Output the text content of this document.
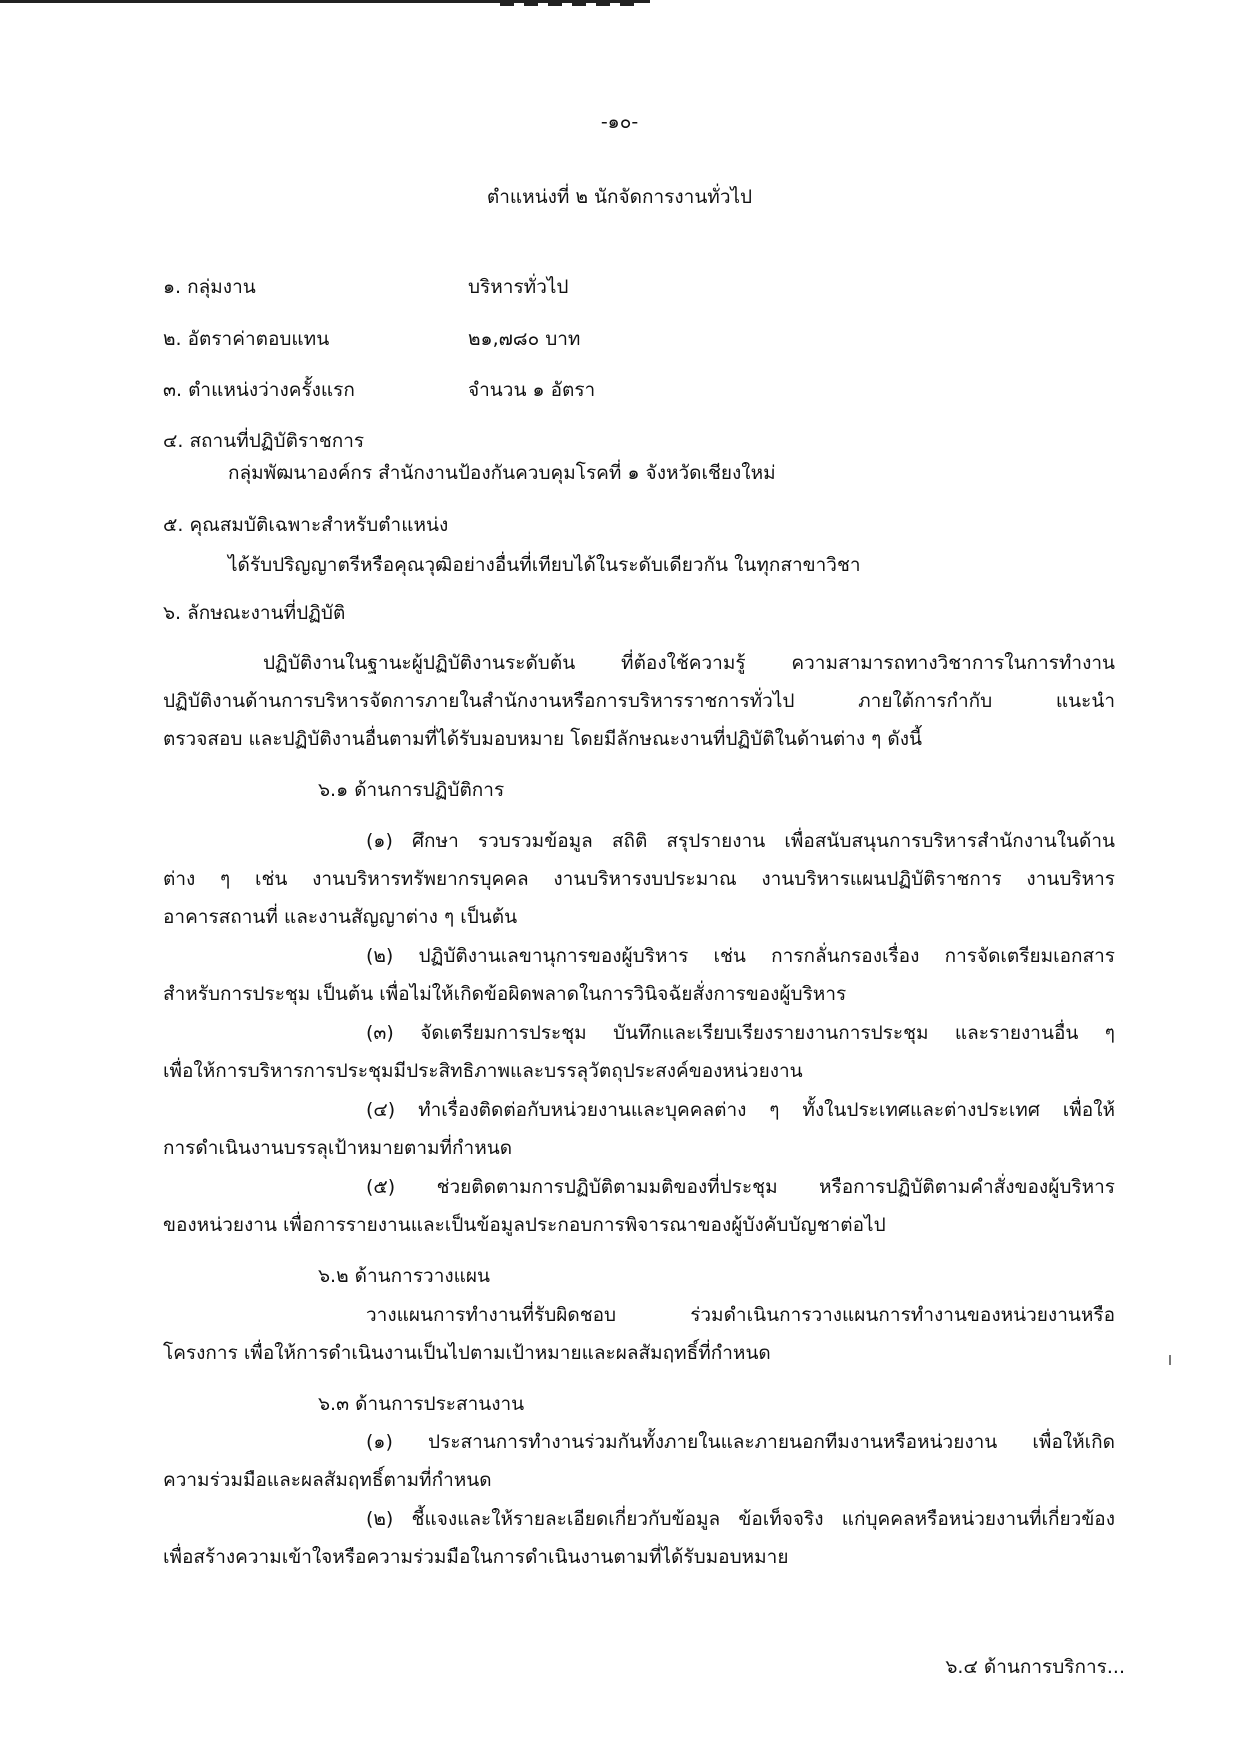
-๑๐-
ตำแหน่งที่ ๒ นักจัดการงานทั่วไป
๑. กลุ่มงาน	บริหารทั่วไป
๒. อัตราค่าตอบแทน	๒๑,๗๘๐ บาท
๓. ตำแหน่งว่างครั้งแรก	จำนวน ๑ อัตรา
๔. สถานที่ปฏิบัติราชการ
กลุ่มพัฒนาองค์กร สำนักงานป้องกันควบคุมโรคที่ ๑ จังหวัดเชียงใหม่
๕. คุณสมบัติเฉพาะสำหรับตำแหน่ง
ได้รับปริญญาตรีหรือคุณวุฒิอย่างอื่นที่เทียบได้ในระดับเดียวกัน ในทุกสาขาวิชา
๖. ลักษณะงานที่ปฏิบัติ
ปฏิบัติงานในฐานะผู้ปฏิบัติงานระดับต้น ที่ต้องใช้ความรู้ ความสามารถทางวิชาการในการทำงาน
ปฏิบัติงานด้านการบริหารจัดการภายในสำนักงานหรือการบริหารราชการทั่วไป ภายใต้การกำกับ แนะนำ
ตรวจสอบ และปฏิบัติงานอื่นตามที่ได้รับมอบหมาย โดยมีลักษณะงานที่ปฏิบัติในด้านต่าง ๆ ดังนี้
๖.๑ ด้านการปฏิบัติการ
(๑) ศึกษา รวบรวมข้อมูล สถิติ สรุปรายงาน เพื่อสนับสนุนการบริหารสำนักงานในด้าน
ต่าง ๆ เช่น งานบริหารทรัพยากรบุคคล งานบริหารงบประมาณ งานบริหารแผนปฏิบัติราชการ งานบริหาร
อาคารสถานที่ และงานสัญญาต่าง ๆ เป็นต้น
(๒) ปฏิบัติงานเลขานุการของผู้บริหาร เช่น การกลั่นกรองเรื่อง การจัดเตรียมเอกสาร
สำหรับการประชุม เป็นต้น เพื่อไม่ให้เกิดข้อผิดพลาดในการวินิจฉัยสั่งการของผู้บริหาร
(๓) จัดเตรียมการประชุม บันทึกและเรียบเรียงรายงานการประชุม และรายงานอื่น ๆ
เพื่อให้การบริหารการประชุมมีประสิทธิภาพและบรรลุวัตถุประสงค์ของหน่วยงาน
(๔) ทำเรื่องติดต่อกับหน่วยงานและบุคคลต่าง ๆ ทั้งในประเทศและต่างประเทศ เพื่อให้
การดำเนินงานบรรลุเป้าหมายตามที่กำหนด
(๕) ช่วยติดตามการปฏิบัติตามมติของที่ประชุม หรือการปฏิบัติตามคำสั่งของผู้บริหาร
ของหน่วยงาน เพื่อการรายงานและเป็นข้อมูลประกอบการพิจารณาของผู้บังคับบัญชาต่อไป
๖.๒ ด้านการวางแผน
วางแผนการทำงานที่รับผิดชอบ ร่วมดำเนินการวางแผนการทำงานของหน่วยงานหรือ
โครงการ เพื่อให้การดำเนินงานเป็นไปตามเป้าหมายและผลสัมฤทธิ์ที่กำหนด
๖.๓ ด้านการประสานงาน
(๑) ประสานการทำงานร่วมกันทั้งภายในและภายนอกทีมงานหรือหน่วยงาน เพื่อให้เกิด
ความร่วมมือและผลสัมฤทธิ์ตามที่กำหนด
(๒) ชี้แจงและให้รายละเอียดเกี่ยวกับข้อมูล ข้อเท็จจริง แก่บุคคลหรือหน่วยงานที่เกี่ยวข้อง
เพื่อสร้างความเข้าใจหรือความร่วมมือในการดำเนินงานตามที่ได้รับมอบหมาย
๖.๔ ด้านการบริการ...
